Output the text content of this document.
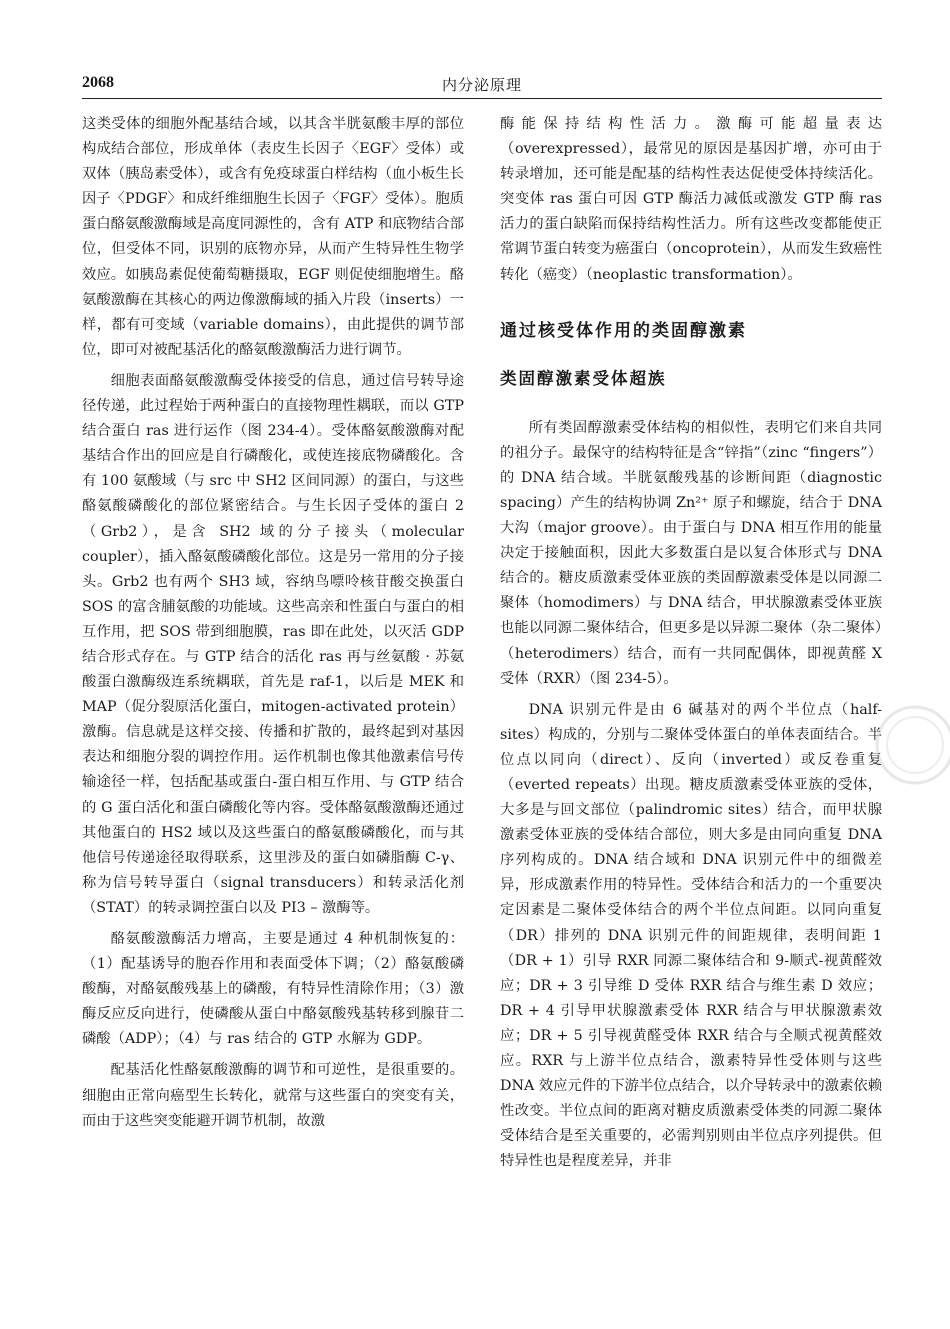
2068	内分泌原理

这类受体的细胞外配基结合域，以其含半胱氨酸丰厚的部位构成结合部位，形成单体（表皮生长因子〈EGF〉受体）或双体（胰岛素受体），或含有免疫球蛋白样结构（血小板生长因子〈PDGF〉和成纤维细胞生长因子〈FGF〉受体）。胞质蛋白酪氨酸激酶域是高度同源性的，含有 ATP 和底物结合部位，但受体不同，识别的底物亦异，从而产生特异性生物学效应。如胰岛素促使葡萄糖摄取，EGF 则促使细胞增生。酪氨酸激酶在其核心的两边像激酶域的插入片段（inserts）一样，都有可变域（variable domains），由此提供的调节部位，即可对被配基活化的酪氨酸激酶活力进行调节。

细胞表面酪氨酸激酶受体接受的信息，通过信号转导途径传递，此过程始于两种蛋白的直接物理性耦联，而以 GTP 结合蛋白 ras 进行运作（图 234-4）。受体酪氨酸激酶对配基结合作出的回应是自行磷酸化，或使连接底物磷酸化。含有 100 氨酸域（与 src 中 SH2 区间同源）的蛋白，与这些酪氨酸磷酸化的部位紧密结合。与生长因子受体的蛋白 2（Grb2），是含 SH2 域的分子接头（molecular coupler），插入酪氨酸磷酸化部位。这是另一常用的分子接头。Grb2 也有两个 SH3 域，容纳鸟嘌呤核苷酸交换蛋白 SOS 的富含脯氨酸的功能域。这些高亲和性蛋白与蛋白的相互作用，把 SOS 带到细胞膜，ras 即在此处，以灭活 GDP 结合形式存在。与 GTP 结合的活化 ras 再与丝氨酸 · 苏氨酸蛋白激酶级连系统耦联，首先是 raf-1，以后是 MEK 和 MAP（促分裂原活化蛋白，mitogen-activated protein）激酶。信息就是这样交接、传播和扩散的，最终起到对基因表达和细胞分裂的调控作用。运作机制也像其他激素信号传输途径一样，包括配基或蛋白-蛋白相互作用、与 GTP 结合的 G 蛋白活化和蛋白磷酸化等内容。受体酪氨酸激酶还通过其他蛋白的 HS2 域以及这些蛋白的酪氨酸磷酸化，而与其他信号传递途径取得联系，这里涉及的蛋白如磷脂酶 C-γ、称为信号转导蛋白（signal transducers）和转录活化剂（STAT）的转录调控蛋白以及 PI3 – 激酶等。

酪氨酸激酶活力增高，主要是通过 4 种机制恢复的：（1）配基诱导的胞吞作用和表面受体下调；（2）酪氨酸磷酸酶，对酪氨酸残基上的磷酸，有特异性清除作用；（3）激酶反应反向进行，使磷酸从蛋白中酪氨酸残基转移到腺苷二磷酸（ADP）；（4）与 ras 结合的 GTP 水解为 GDP。

配基活化性酪氨酸激酶的调节和可逆性，是很重要的。细胞由正常向癌型生长转化，就常与这些蛋白的突变有关，而由于这些突变能避开调节机制，故激

酶能保持结构性活力。激酶可能超量表达（overexpressed），最常见的原因是基因扩增，亦可由于转录增加，还可能是配基的结构性表达促使受体持续活化。突变体 ras 蛋白可因 GTP 酶活力减低或激发 GTP 酶 ras 活力的蛋白缺陷而保持结构性活力。所有这些改变都能使正常调节蛋白转变为癌蛋白（oncoprotein），从而发生致癌性转化（癌变）（neoplastic transformation）。

通过核受体作用的类固醇激素
类固醇激素受体超族

所有类固醇激素受体结构的相似性，表明它们来自共同的祖分子。最保守的结构特征是含“锌指”（zinc “fingers”）的 DNA 结合域。半胱氨酸残基的诊断间距（diagnostic spacing）产生的结构协调 Zn²⁺ 原子和螺旋，结合于 DNA 大沟（major groove）。由于蛋白与 DNA 相互作用的能量决定于接触面积，因此大多数蛋白是以复合体形式与 DNA 结合的。糖皮质激素受体亚族的类固醇激素受体是以同源二聚体（homodimers）与 DNA 结合，甲状腺激素受体亚族也能以同源二聚体结合，但更多是以异源二聚体（杂二聚体）（heterodimers）结合，而有一共同配偶体，即视黄醛 X 受体（RXR）（图 234-5）。

DNA 识别元件是由 6 碱基对的两个半位点（half-sites）构成的，分别与二聚体受体蛋白的单体表面结合。半位点以同向（direct）、反向（inverted）或反卷重复（everted repeats）出现。糖皮质激素受体亚族的受体，大多是与回文部位（palindromic sites）结合，而甲状腺激素受体亚族的受体结合部位，则大多是由同向重复 DNA 序列构成的。DNA 结合域和 DNA 识别元件中的细微差异，形成激素作用的特异性。受体结合和活力的一个重要决定因素是二聚体受体结合的两个半位点间距。以同向重复（DR）排列的 DNA 识别元件的间距规律，表明间距 1（DR + 1）引导 RXR 同源二聚体结合和 9-顺式-视黄醛效应；DR + 3 引导维 D 受体 RXR 结合与维生素 D 效应；DR + 4 引导甲状腺激素受体 RXR 结合与甲状腺激素效应；DR + 5 引导视黄醛受体 RXR 结合与全顺式视黄醛效应。RXR 与上游半位点结合，激素特异性受体则与这些 DNA 效应元件的下游半位点结合，以介导转录中的激素依赖性改变。半位点间的距离对糖皮质激素受体类的同源二聚体受体结合是至关重要的，必需判别则由半位点序列提供。但特异性也是程度差异，并非
